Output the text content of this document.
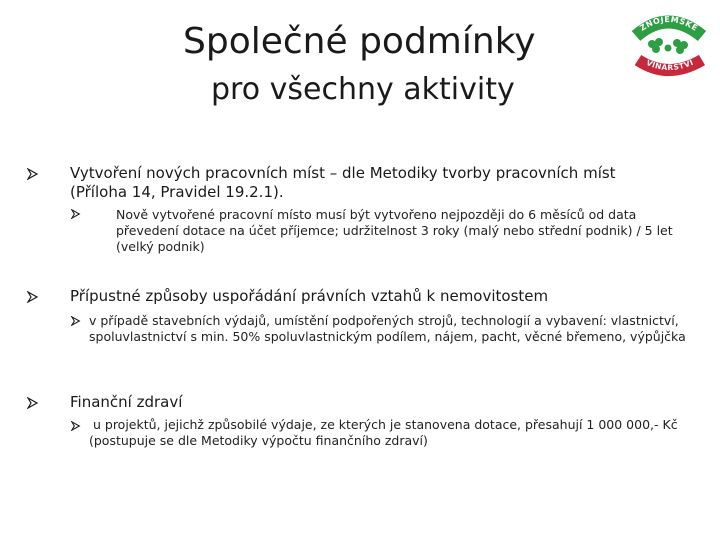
Společné podmínky
pro všechny aktivity
ZNOJEMSKÉ
VINAŘSTVÍ
Vytvoření nových pracovních míst – dle Metodiky tvorby pracovních míst (Příloha 14, Pravidel 19.2.1).
Nově vytvořené pracovní místo musí být vytvořeno nejpozději do 6 měsíců od data převedení dotace na účet příjemce; udržitelnost 3 roky (malý nebo střední podnik) / 5 let (velký podnik)
Přípustné způsoby uspořádání právních vztahů k nemovitostem
v případě stavebních výdajů, umístění podpořených strojů, technologií a vybavení: vlastnictví, spoluvlastnictví s min. 50% spoluvlastnickým podílem, nájem, pacht, věcné břemeno, výpůjčka
Finanční zdraví
u projektů, jejichž způsobilé výdaje, ze kterých je stanovena dotace, přesahují 1 000 000,- Kč (postupuje se dle Metodiky výpočtu finančního zdraví)
